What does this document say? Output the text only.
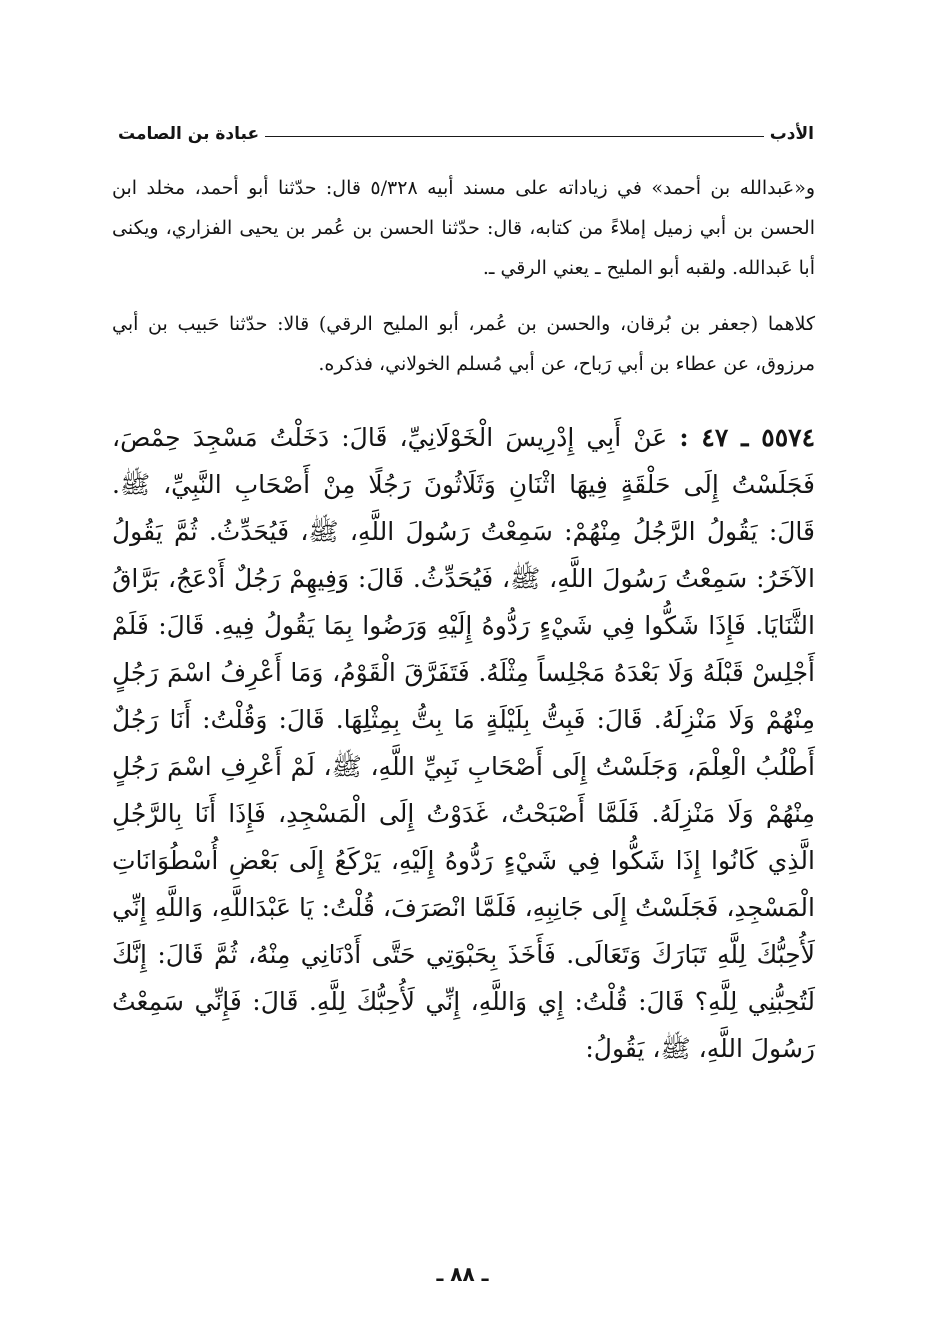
الأدب
عبادة بن الصامت

و«عَبدالله بن أحمد» في زياداته على مسند أبيه ٥/٣٢٨ قال: حدّثنا أبو أحمد، مخلد ابن الحسن بن أبي زميل إملاءً من كتابه، قال: حدّثنا الحسن بن عُمر بن يحيى الفزاري، ويكنى أبا عَبدالله. ولقبه أبو المليح ـ يعني الرقي ـ.

كلاهما (جعفر بن بُرقان، والحسن بن عُمر، أبو المليح الرقي) قالا: حدّثنا حَبيب بن أبي مرزوق، عن عطاء بن أبي رَباح، عن أبي مُسلم الخولاني، فذكره.

٥٥٧٤ ـ ٤٧ : عَنْ أَبِي إِدْرِيسَ الْخَوْلَانِيِّ، قَالَ: دَخَلْتُ مَسْجِدَ حِمْصَ، فَجَلَسْتُ إِلَى حَلْقَةٍ فِيهَا اثْنَانِ وَثَلَاثُونَ رَجُلًا مِنْ أَصْحَابِ النَّبِيِّ، ﷺ. قَالَ: يَقُولُ الرَّجُلُ مِنْهُمْ: سَمِعْتُ رَسُولَ اللَّهِ، ﷺ، فَيُحَدِّثُ. ثُمَّ يَقُولُ الآخَرُ: سَمِعْتُ رَسُولَ اللَّهِ، ﷺ، فَيُحَدِّثُ. قَالَ: وَفِيهِمْ رَجُلٌ أَدْعَجُ، بَرَّاقُ الثَّنَايَا. فَإِذَا شَكُّوا فِي شَيْءٍ رَدُّوهُ إِلَيْهِ وَرَضُوا بِمَا يَقُولُ فِيهِ. قَالَ: فَلَمْ أَجْلِسْ قَبْلَهُ وَلَا بَعْدَهُ مَجْلِساً مِثْلَهُ. فَتَفَرَّقَ الْقَوْمُ، وَمَا أَعْرِفُ اسْمَ رَجُلٍ مِنْهُمْ وَلَا مَنْزِلَهُ. قَالَ: فَبِتُّ بِلَيْلَةٍ مَا بِتُّ بِمِثْلِهَا. قَالَ: وَقُلْتُ: أَنَا رَجُلٌ أَطْلُبُ الْعِلْمَ، وَجَلَسْتُ إِلَى أَصْحَابِ نَبِيِّ اللَّهِ، ﷺ، لَمْ أَعْرِفِ اسْمَ رَجُلٍ مِنْهُمْ وَلَا مَنْزِلَهُ. فَلَمَّا أَصْبَحْتُ، غَدَوْتُ إِلَى الْمَسْجِدِ، فَإِذَا أَنَا بِالرَّجُلِ الَّذِي كَانُوا إِذَا شَكُّوا فِي شَيْءٍ رَدُّوهُ إِلَيْهِ، يَرْكَعُ إِلَى بَعْضِ أُسْطُوَانَاتِ الْمَسْجِدِ، فَجَلَسْتُ إِلَى جَانِبِهِ، فَلَمَّا انْصَرَفَ، قُلْتُ: يَا عَبْدَاللَّهِ، وَاللَّهِ إِنِّي لَأُحِبُّكَ لِلَّهِ تَبَارَكَ وَتَعَالَى. فَأَخَذَ بِحَبْوَتِي حَتَّى أَدْنَانِي مِنْهُ، ثُمَّ قَالَ: إِنَّكَ لَتُحِبُّنِي لِلَّهِ؟ قَالَ: قُلْتُ: إِي وَاللَّهِ، إِنِّي لَأُحِبُّكَ لِلَّهِ. قَالَ: فَإِنِّي سَمِعْتُ رَسُولَ اللَّهِ، ﷺ، يَقُولُ:

ـ ٨٨ ـ
